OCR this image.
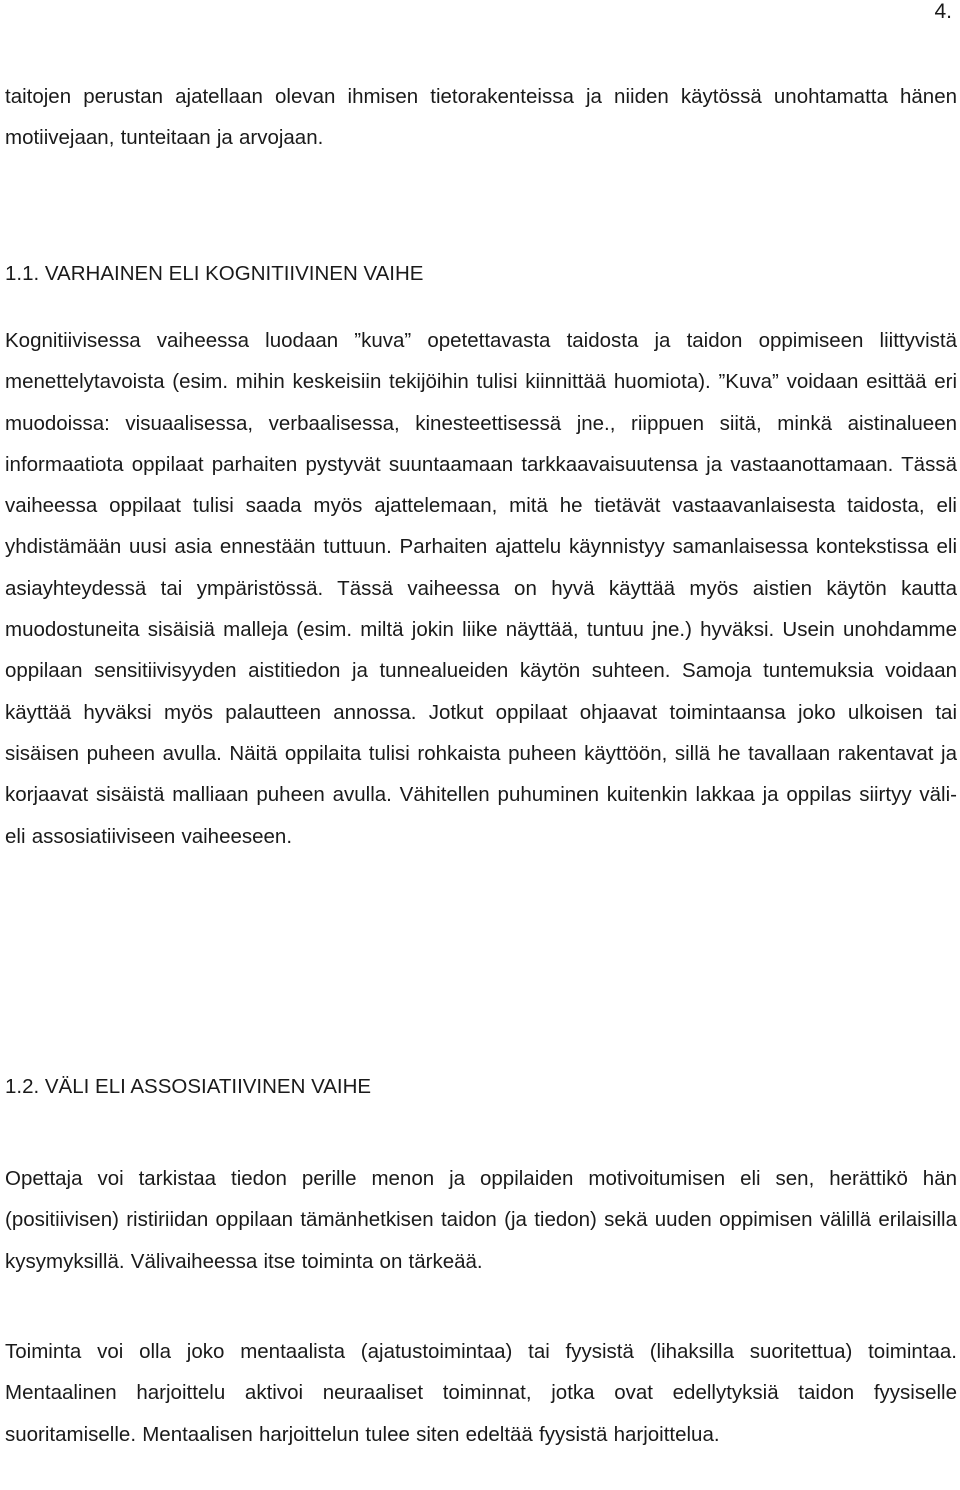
4.

taitojen perustan ajatellaan olevan ihmisen tietorakenteissa ja niiden käytössä unohtamatta hänen motiivejaan, tunteitaan ja arvojaan.

1.1. VARHAINEN ELI KOGNITIIVINEN VAIHE

Kognitiivisessa vaiheessa luodaan ”kuva” opetettavasta taidosta ja taidon oppimiseen liittyvistä menettelytavoista (esim. mihin keskeisiin tekijöihin tulisi kiinnittää huomiota). ”Kuva” voidaan esittää eri muodoissa: visuaalisessa, verbaalisessa, kinesteettisessä jne., riippuen siitä, minkä aistinalueen informaatiota oppilaat parhaiten pystyvät suuntaamaan tarkkaavaisuutensa ja vastaanottamaan. Tässä vaiheessa oppilaat tulisi saada myös ajattelemaan, mitä he tietävät vastaavanlaisesta taidosta, eli yhdistämään uusi asia ennestään tuttuun. Parhaiten ajattelu käynnistyy samanlaisessa kontekstissa eli asiayhteydessä tai ympäristössä. Tässä vaiheessa on hyvä käyttää myös aistien käytön kautta muodostuneita sisäisiä malleja (esim. miltä jokin liike näyttää, tuntuu jne.) hyväksi. Usein unohdamme oppilaan sensitiivisyyden aistitiedon ja tunnealueiden käytön suhteen. Samoja tuntemuksia voidaan käyttää hyväksi myös palautteen annossa. Jotkut oppilaat ohjaavat toimintaansa joko ulkoisen tai sisäisen puheen avulla. Näitä oppilaita tulisi rohkaista puheen käyttöön, sillä he tavallaan rakentavat ja korjaavat sisäistä malliaan puheen avulla. Vähitellen puhuminen kuitenkin lakkaa ja oppilas siirtyy väli- eli assosiatiiviseen vaiheeseen.

1.2. VÄLI ELI ASSOSIATIIVINEN VAIHE

Opettaja voi tarkistaa tiedon perille menon ja oppilaiden motivoitumisen eli sen, herättikö hän (positiivisen) ristiriidan oppilaan tämänhetkisen taidon (ja tiedon) sekä uuden oppimisen välillä erilaisilla kysymyksillä. Välivaiheessa itse toiminta on tärkeää.

Toiminta voi olla joko mentaalista (ajatustoimintaa) tai fyysistä (lihaksilla suoritettua) toimintaa. Mentaalinen harjoittelu aktivoi neuraaliset toiminnat, jotka ovat edellytyksiä taidon fyysiselle suoritamiselle. Mentaalisen harjoittelun tulee siten edeltää fyysistä harjoittelua.
